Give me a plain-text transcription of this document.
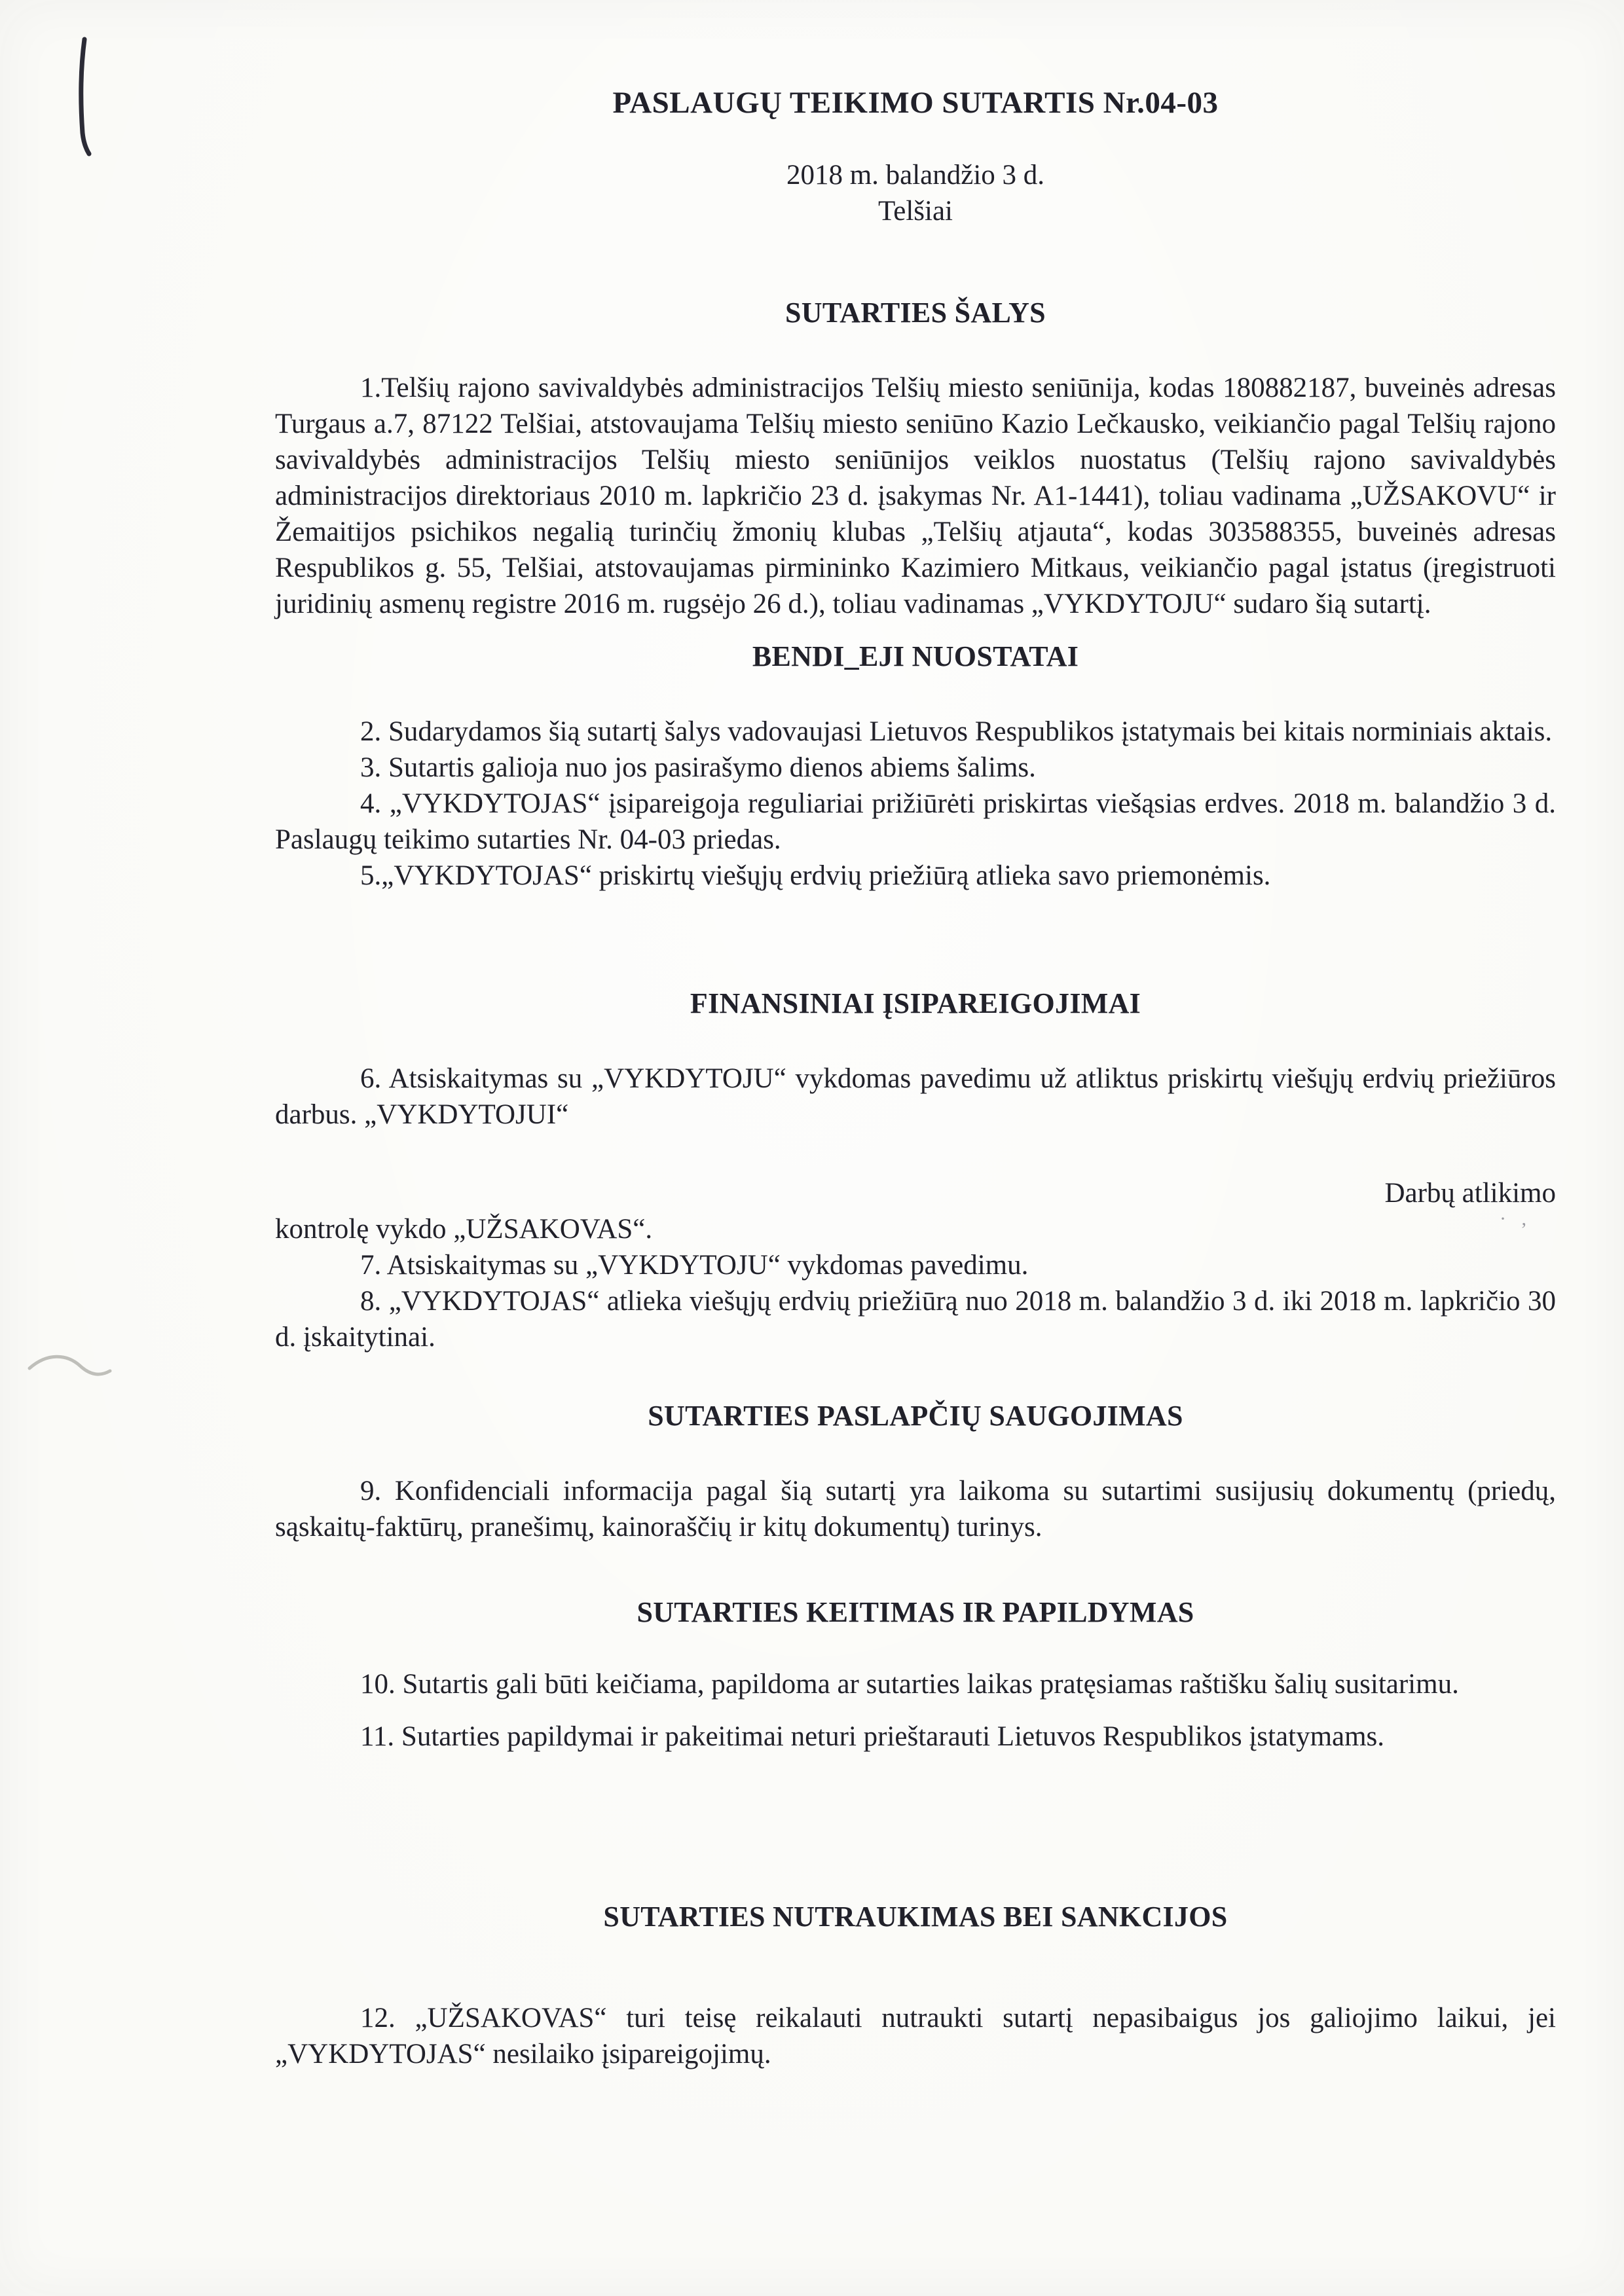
· ,
PASLAUGŲ TEIKIMO SUTARTIS Nr.04-03
2018 m. balandžio 3 d.
Telšiai
SUTARTIES ŠALYS

1.Telšių rajono savivaldybės administracijos Telšių miesto seniūnija, kodas 180882187, buveinės adresas Turgaus a.7, 87122 Telšiai, atstovaujama Telšių miesto seniūno Kazio Lečkausko, veikiančio pagal Telšių rajono savivaldybės administracijos Telšių miesto seniūnijos veiklos nuostatus (Telšių rajono savivaldybės administracijos direktoriaus 2010 m. lapkričio 23 d. įsakymas Nr. A1-1441), toliau vadinama „UŽSAKOVU“ ir Žemaitijos psichikos negalią turinčių žmonių klubas „Telšių atjauta“, kodas 303588355, buveinės adresas Respublikos g. 55, Telšiai, atstovaujamas pirmininko Kazimiero Mitkaus, veikiančio pagal įstatus (įregistruoti juridinių asmenų registre 2016 m. rugsėjo 26 d.), toliau vadinamas „VYKDYTOJU“ sudaro šią sutartį.

BENDI_EJI NUOSTATAI

2. Sudarydamos šią sutartį šalys vadovaujasi Lietuvos Respublikos įstatymais bei kitais norminiais aktais.

3. Sutartis galioja nuo jos pasirašymo dienos abiems šalims.

4. „VYKDYTOJAS“ įsipareigoja reguliariai prižiūrėti priskirtas viešąsias erdves. 2018 m. balandžio 3 d. Paslaugų teikimo sutarties Nr. 04-03 priedas.

5.„VYKDYTOJAS“ priskirtų viešųjų erdvių priežiūrą atlieka savo priemonėmis.

FINANSINIAI ĮSIPAREIGOJIMAI

6. Atsiskaitymas su „VYKDYTOJU“ vykdomas pavedimu už atliktus priskirtų viešųjų erdvių priežiūros darbus. „VYKDYTOJUI“

Darbų atlikimo

kontrolę vykdo „UŽSAKOVAS“.

7. Atsiskaitymas su „VYKDYTOJU“ vykdomas pavedimu.

8. „VYKDYTOJAS“ atlieka viešųjų erdvių priežiūrą nuo 2018 m. balandžio 3 d. iki 2018 m. lapkričio 30 d. įskaitytinai.

SUTARTIES PASLAPČIŲ SAUGOJIMAS

9. Konfidenciali informacija pagal šią sutartį yra laikoma su sutartimi susijusių dokumentų (priedų, sąskaitų-faktūrų, pranešimų, kainoraščių ir kitų dokumentų) turinys.

SUTARTIES KEITIMAS IR PAPILDYMAS

10. Sutartis gali būti keičiama, papildoma ar sutarties laikas pratęsiamas raštišku šalių susitarimu.

11. Sutarties papildymai ir pakeitimai neturi prieštarauti Lietuvos Respublikos įstatymams.

SUTARTIES NUTRAUKIMAS BEI SANKCIJOS

12. „UŽSAKOVAS“ turi teisę reikalauti nutraukti sutartį nepasibaigus jos galiojimo laikui, jei „VYKDYTOJAS“ nesilaiko įsipareigojimų.
